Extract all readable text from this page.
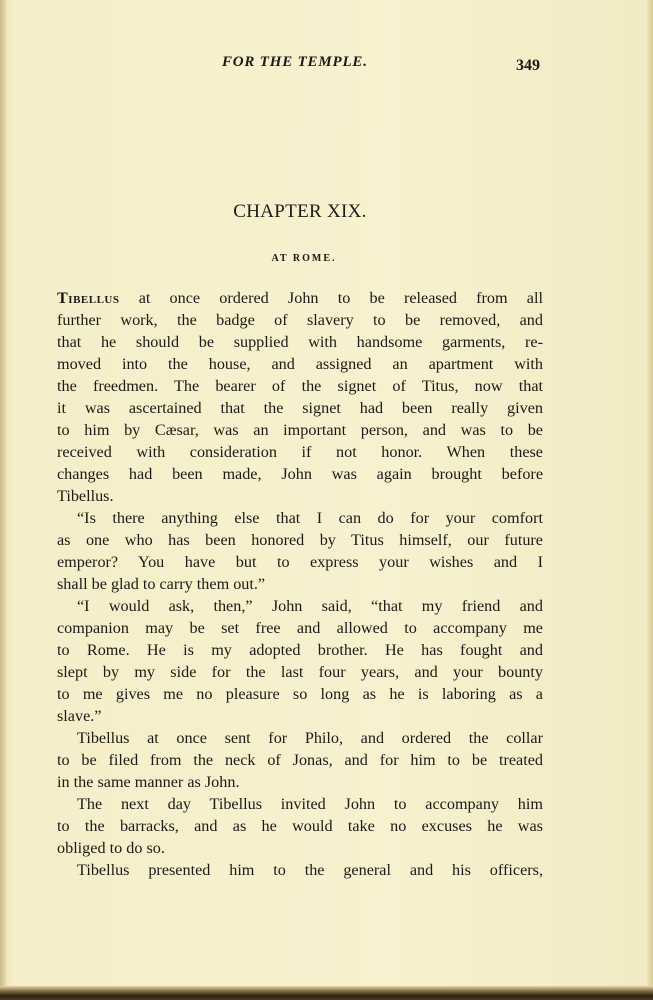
FOR THE TEMPLE.	349
CHAPTER XIX.
AT ROME.
Tibellus at once ordered John to be released from all
further work, the badge of slavery to be removed, and
that he should be supplied with handsome garments, re-
moved into the house, and assigned an apartment with
the freedmen. The bearer of the signet of Titus, now that
it was ascertained that the signet had been really given
to him by Cæsar, was an important person, and was to be
received with consideration if not honor. When these
changes had been made, John was again brought before
Tibellus.
“Is there anything else that I can do for your comfort
as one who has been honored by Titus himself, our future
emperor? You have but to express your wishes and I
shall be glad to carry them out.”
“I would ask, then,” John said, “that my friend and
companion may be set free and allowed to accompany me
to Rome. He is my adopted brother. He has fought and
slept by my side for the last four years, and your bounty
to me gives me no pleasure so long as he is laboring as a
slave.”
Tibellus at once sent for Philo, and ordered the collar
to be filed from the neck of Jonas, and for him to be treated
in the same manner as John.
The next day Tibellus invited John to accompany him
to the barracks, and as he would take no excuses he was
obliged to do so.
Tibellus presented him to the general and his officers,
